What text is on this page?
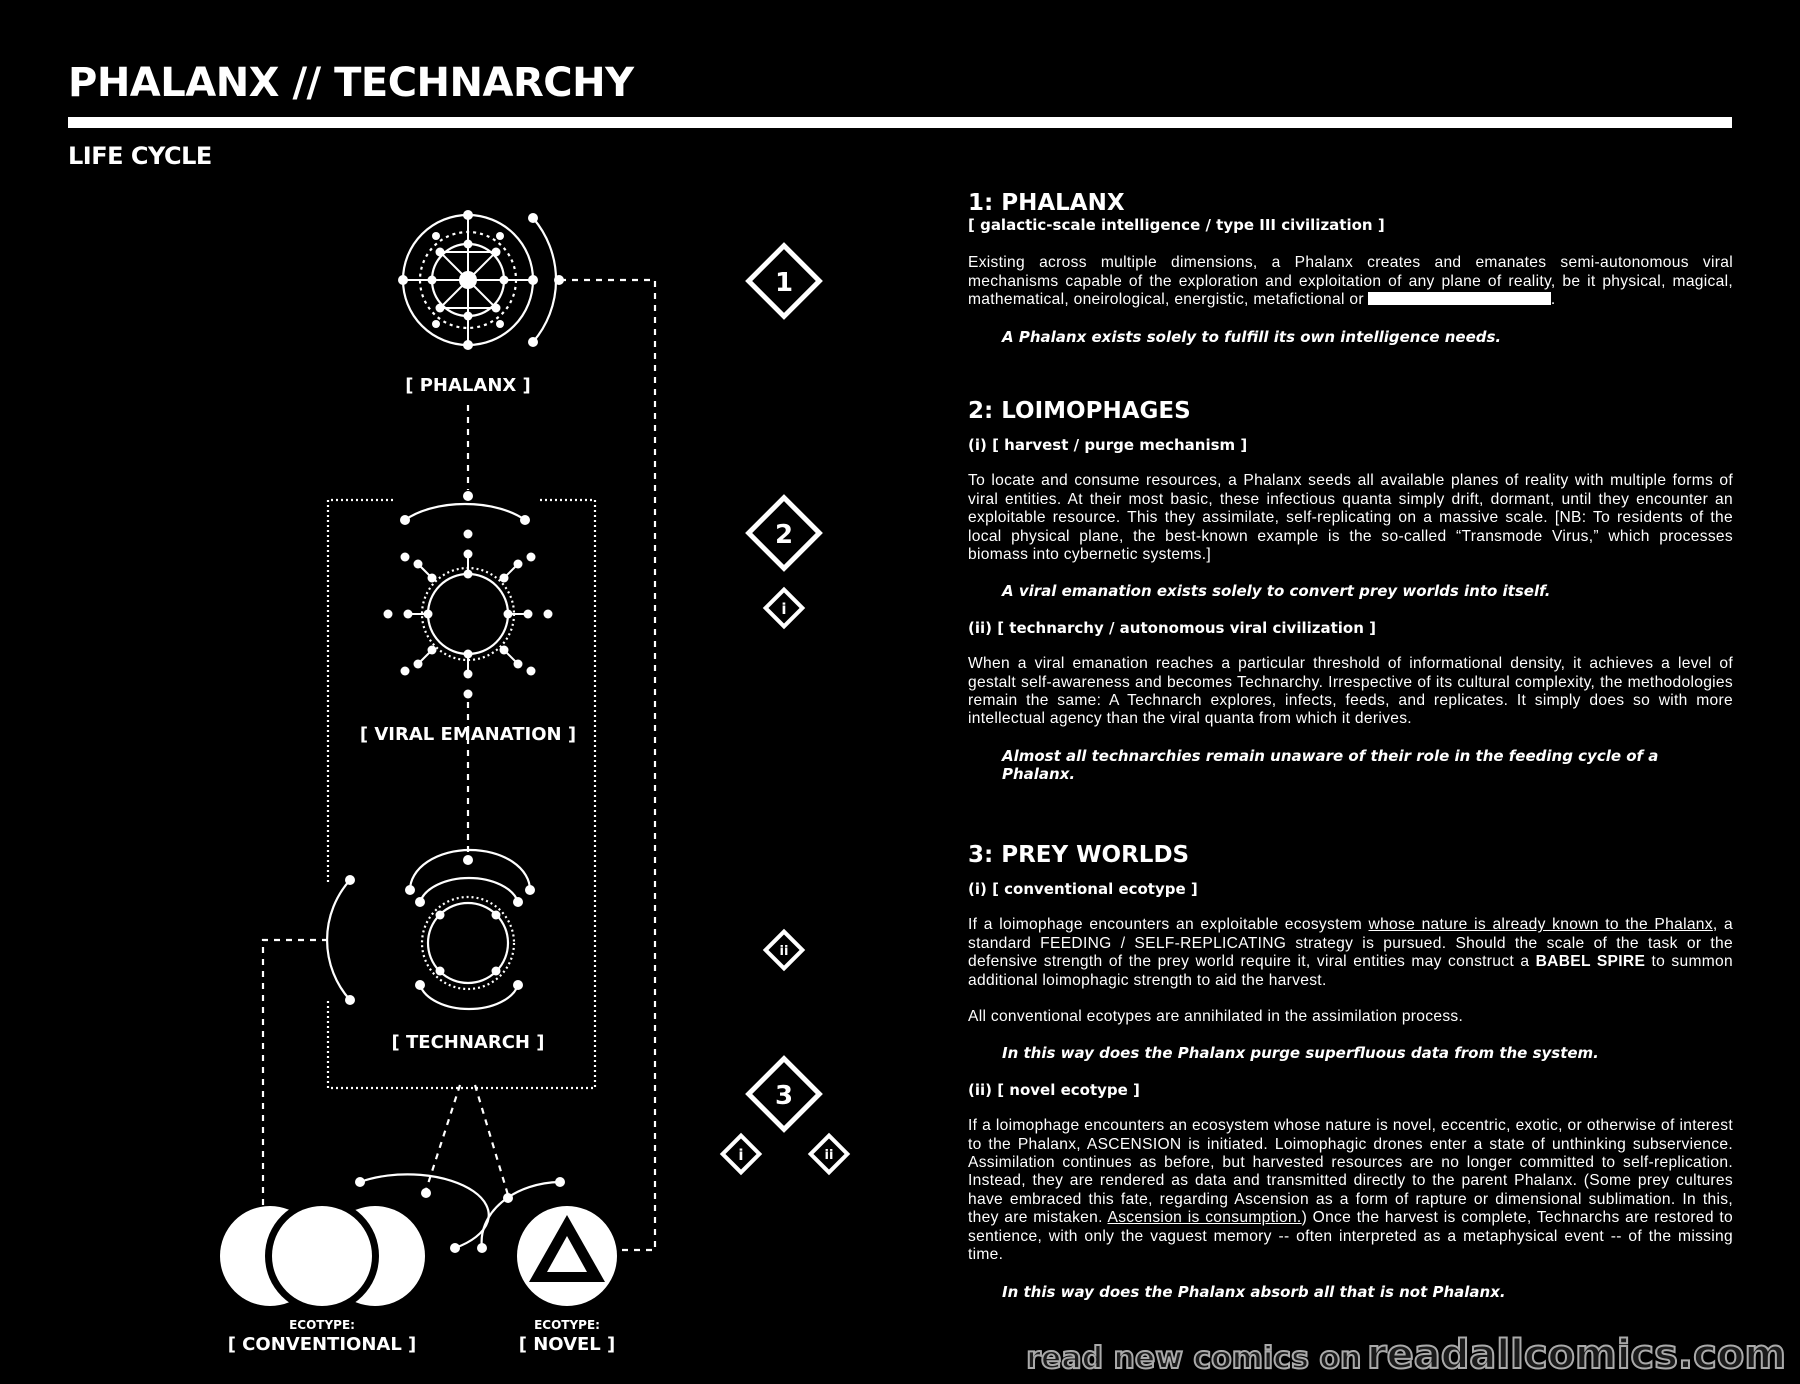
PHALANX // TECHNARCHY
LIFE CYCLE
[ PHALANX ]
[ VIRAL EMANATION ]
[ TECHNARCH ]
ECOTYPE:
[ CONVENTIONAL ]
ECOTYPE:
[ NOVEL ]
1
2
i
ii
3
i	ii
1: PHALANX

[ galactic-scale intelligence / type III civilization ]

Existing across multiple dimensions, a Phalanx creates and emanates semi-autonomous viral mechanisms capable of the exploration and exploitation of any plane of reality, be it physical, magical, mathematical, oneirological, energistic, metafictional or	.

A Phalanx exists solely to fulfill its own intelligence needs.

2: LOIMOPHAGES

(i) [ harvest / purge mechanism ]

To locate and consume resources, a Phalanx seeds all available planes of reality with multiple forms of viral entities. At their most basic, these infectious quanta simply drift, dormant, until they encounter an exploitable resource. This they assimilate, self-replicating on a massive scale. [NB: To residents of the local physical plane, the best-known example is the so-called “Transmode Virus,” which processes biomass into cybernetic systems.]

A viral emanation exists solely to convert prey worlds into itself.

(ii) [ technarchy / autonomous viral civilization ]

When a viral emanation reaches a particular threshold of informational density, it achieves a level of gestalt self-awareness and becomes Technarchy. Irrespective of its cultural complexity, the methodologies remain the same: A Technarch explores, infects, feeds, and replicates. It simply does so with more intellectual agency than the viral quanta from which it derives.

Almost all technarchies remain unaware of their role in the feeding cycle of a Phalanx.

3: PREY WORLDS

(i) [ conventional ecotype ]

If a loimophage encounters an exploitable ecosystem whose nature is already known to the Phalanx, a standard FEEDING / SELF-REPLICATING strategy is pursued. Should the scale of the task or the defensive strength of the prey world require it, viral entities may construct a BABEL SPIRE to summon additional loimophagic strength to aid the harvest.

All conventional ecotypes are annihilated in the assimilation process.

In this way does the Phalanx purge superfluous data from the system.

(ii) [ novel ecotype ]

If a loimophage encounters an ecosystem whose nature is novel, eccentric, exotic, or otherwise of interest to the Phalanx, ASCENSION is initiated. Loimophagic drones enter a state of unthinking subservience. Assimilation continues as before, but harvested resources are no longer committed to self-replication. Instead, they are rendered as data and transmitted directly to the parent Phalanx. (Some prey cultures have embraced this fate, regarding Ascension as a form of rapture or dimensional sublimation. In this, they are mistaken. Ascension is consumption.) Once the harvest is complete, Technarchs are restored to sentience, with only the vaguest memory -- often interpreted as a metaphysical event -- of the missing time.

In this way does the Phalanx absorb all that is not Phalanx.

read new comics on readallcomics.com
